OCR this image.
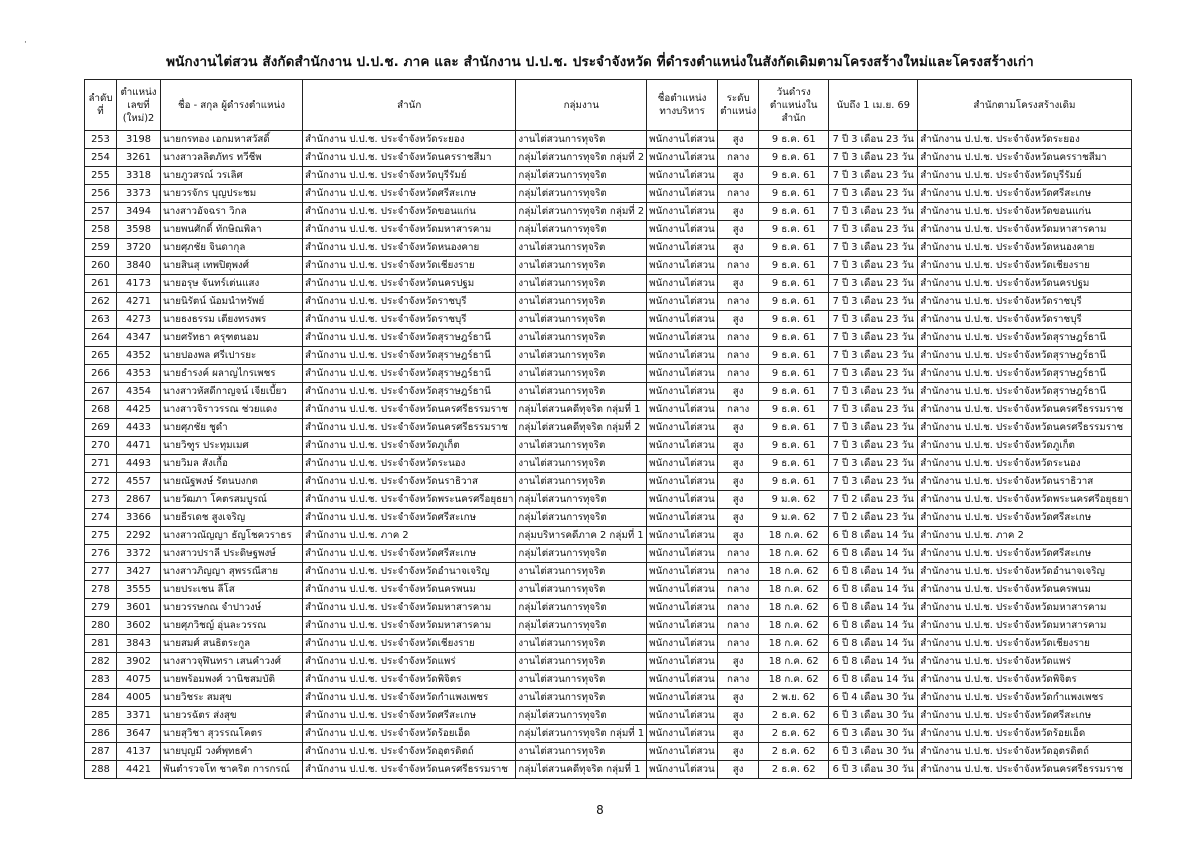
·
พนักงานไต่สวน สังกัดสำนักงาน ป.ป.ช. ภาค และ สำนักงาน ป.ป.ช. ประจำจังหวัด ที่ดำรงตำแหน่งในสังกัดเดิมตามโครงสร้างใหม่และโครงสร้างเก่า
ลำดับที่	ตำแหน่ง เลขที่ (ใหม่)2	ชื่อ - สกุล ผู้ดำรงตำแหน่ง	สำนัก	กลุ่มงาน	ชื่อตำแหน่ง ทางบริหาร	ระดับ ตำแหน่ง	วันดำรง ตำแหน่งใน สำนัก	นับถึง 1 เม.ย. 69	สำนักตามโครงสร้างเดิม
253	3198	นายกรทอง เอกมหาสวัสดิ์	สำนักงาน ป.ป.ช. ประจำจังหวัดระยอง	งานไต่สวนการทุจริต	พนักงานไต่สวน	สูง	9 ธ.ค. 61	7 ปี 3 เดือน 23 วัน	สำนักงาน ป.ป.ช. ประจำจังหวัดระยอง
254	3261	นางสาวลลิตภัทร ทวีชีพ	สำนักงาน ป.ป.ช. ประจำจังหวัดนครราชสีมา	กลุ่มไต่สวนการทุจริต กลุ่มที่ 2	พนักงานไต่สวน	กลาง	9 ธ.ค. 61	7 ปี 3 เดือน 23 วัน	สำนักงาน ป.ป.ช. ประจำจังหวัดนครราชสีมา
255	3318	นายภูวสรณ์ วรเลิศ	สำนักงาน ป.ป.ช. ประจำจังหวัดบุรีรัมย์	กลุ่มไต่สวนการทุจริต	พนักงานไต่สวน	สูง	9 ธ.ค. 61	7 ปี 3 เดือน 23 วัน	สำนักงาน ป.ป.ช. ประจำจังหวัดบุรีรัมย์
256	3373	นายวรจักร บุญประชม	สำนักงาน ป.ป.ช. ประจำจังหวัดศรีสะเกษ	กลุ่มไต่สวนการทุจริต	พนักงานไต่สวน	กลาง	9 ธ.ค. 61	7 ปี 3 เดือน 23 วัน	สำนักงาน ป.ป.ช. ประจำจังหวัดศรีสะเกษ
257	3494	นางสาวอัจฉรา วิกล	สำนักงาน ป.ป.ช. ประจำจังหวัดขอนแก่น	กลุ่มไต่สวนการทุจริต กลุ่มที่ 2	พนักงานไต่สวน	สูง	9 ธ.ค. 61	7 ปี 3 เดือน 23 วัน	สำนักงาน ป.ป.ช. ประจำจังหวัดขอนแก่น
258	3598	นายพนศักดิ์ ทักษิณพิลา	สำนักงาน ป.ป.ช. ประจำจังหวัดมหาสารคาม	กลุ่มไต่สวนการทุจริต	พนักงานไต่สวน	สูง	9 ธ.ค. 61	7 ปี 3 เดือน 23 วัน	สำนักงาน ป.ป.ช. ประจำจังหวัดมหาสารคาม
259	3720	นายศุภชัย จินดากุล	สำนักงาน ป.ป.ช. ประจำจังหวัดหนองคาย	งานไต่สวนการทุจริต	พนักงานไต่สวน	สูง	9 ธ.ค. 61	7 ปี 3 เดือน 23 วัน	สำนักงาน ป.ป.ช. ประจำจังหวัดหนองคาย
260	3840	นายสินสุ เทพปิตุพงศ์	สำนักงาน ป.ป.ช. ประจำจังหวัดเชียงราย	งานไต่สวนการทุจริต	พนักงานไต่สวน	กลาง	9 ธ.ค. 61	7 ปี 3 เดือน 23 วัน	สำนักงาน ป.ป.ช. ประจำจังหวัดเชียงราย
261	4173	นายอรุษ จันทร์เต่นแสง	สำนักงาน ป.ป.ช. ประจำจังหวัดนครปฐม	งานไต่สวนการทุจริต	พนักงานไต่สวน	สูง	9 ธ.ค. 61	7 ปี 3 เดือน 23 วัน	สำนักงาน ป.ป.ช. ประจำจังหวัดนครปฐม
262	4271	นายนิรัตน์ น้อมนำทรัพย์	สำนักงาน ป.ป.ช. ประจำจังหวัดราชบุรี	งานไต่สวนการทุจริต	พนักงานไต่สวน	กลาง	9 ธ.ค. 61	7 ปี 3 เดือน 23 วัน	สำนักงาน ป.ป.ช. ประจำจังหวัดราชบุรี
263	4273	นายธงธรรม เตียงทรงพร	สำนักงาน ป.ป.ช. ประจำจังหวัดราชบุรี	งานไต่สวนการทุจริต	พนักงานไต่สวน	สูง	9 ธ.ค. 61	7 ปี 3 เดือน 23 วัน	สำนักงาน ป.ป.ช. ประจำจังหวัดราชบุรี
264	4347	นายศรัทธา ครุฑตนอม	สำนักงาน ป.ป.ช. ประจำจังหวัดสุราษฎร์ธานี	งานไต่สวนการทุจริต	พนักงานไต่สวน	กลาง	9 ธ.ค. 61	7 ปี 3 เดือน 23 วัน	สำนักงาน ป.ป.ช. ประจำจังหวัดสุราษฎร์ธานี
265	4352	นายปองพล ศรีเปารยะ	สำนักงาน ป.ป.ช. ประจำจังหวัดสุราษฎร์ธานี	งานไต่สวนการทุจริต	พนักงานไต่สวน	กลาง	9 ธ.ค. 61	7 ปี 3 เดือน 23 วัน	สำนักงาน ป.ป.ช. ประจำจังหวัดสุราษฎร์ธานี
266	4353	นายธำรงค์ ผลาญไกรเพชร	สำนักงาน ป.ป.ช. ประจำจังหวัดสุราษฎร์ธานี	งานไต่สวนการทุจริต	พนักงานไต่สวน	กลาง	9 ธ.ค. 61	7 ปี 3 เดือน 23 วัน	สำนักงาน ป.ป.ช. ประจำจังหวัดสุราษฎร์ธานี
267	4354	นางสาวหัสดีกาญจน์ เจียเบี้ยว	สำนักงาน ป.ป.ช. ประจำจังหวัดสุราษฎร์ธานี	งานไต่สวนการทุจริต	พนักงานไต่สวน	สูง	9 ธ.ค. 61	7 ปี 3 เดือน 23 วัน	สำนักงาน ป.ป.ช. ประจำจังหวัดสุราษฎร์ธานี
268	4425	นางสาวจิราวรรณ ช่วยแดง	สำนักงาน ป.ป.ช. ประจำจังหวัดนครศรีธรรมราช	กลุ่มไต่สวนคดีทุจริต กลุ่มที่ 1	พนักงานไต่สวน	กลาง	9 ธ.ค. 61	7 ปี 3 เดือน 23 วัน	สำนักงาน ป.ป.ช. ประจำจังหวัดนครศรีธรรมราช
269	4433	นายศุภชัย ชูดำ	สำนักงาน ป.ป.ช. ประจำจังหวัดนครศรีธรรมราช	กลุ่มไต่สวนคดีทุจริต กลุ่มที่ 2	พนักงานไต่สวน	สูง	9 ธ.ค. 61	7 ปี 3 เดือน 23 วัน	สำนักงาน ป.ป.ช. ประจำจังหวัดนครศรีธรรมราช
270	4471	นายวิฑูร ประทุมเมศ	สำนักงาน ป.ป.ช. ประจำจังหวัดภูเก็ต	งานไต่สวนการทุจริต	พนักงานไต่สวน	สูง	9 ธ.ค. 61	7 ปี 3 เดือน 23 วัน	สำนักงาน ป.ป.ช. ประจำจังหวัดภูเก็ต
271	4493	นายวิมล สังเกื้อ	สำนักงาน ป.ป.ช. ประจำจังหวัดระนอง	งานไต่สวนการทุจริต	พนักงานไต่สวน	สูง	9 ธ.ค. 61	7 ปี 3 เดือน 23 วัน	สำนักงาน ป.ป.ช. ประจำจังหวัดระนอง
272	4557	นายณัฐพงษ์ รัตนบงกต	สำนักงาน ป.ป.ช. ประจำจังหวัดนราธิวาส	งานไต่สวนการทุจริต	พนักงานไต่สวน	สูง	9 ธ.ค. 61	7 ปี 3 เดือน 23 วัน	สำนักงาน ป.ป.ช. ประจำจังหวัดนราธิวาส
273	2867	นายวัฒภา โคตรสมบูรณ์	สำนักงาน ป.ป.ช. ประจำจังหวัดพระนครศรีอยุธยา	กลุ่มไต่สวนการทุจริต	พนักงานไต่สวน	สูง	9 ม.ค. 62	7 ปี 2 เดือน 23 วัน	สำนักงาน ป.ป.ช. ประจำจังหวัดพระนครศรีอยุธยา
274	3366	นายธีรเดช สูงเจริญ	สำนักงาน ป.ป.ช. ประจำจังหวัดศรีสะเกษ	กลุ่มไต่สวนการทุจริต	พนักงานไต่สวน	สูง	9 ม.ค. 62	7 ปี 2 เดือน 23 วัน	สำนักงาน ป.ป.ช. ประจำจังหวัดศรีสะเกษ
275	2292	นางสาวณัญญา ธัญโชควราธร	สำนักงาน ป.ป.ช. ภาค 2	กลุ่มบริหารคดีภาค 2 กลุ่มที่ 1	พนักงานไต่สวน	สูง	18 ก.ค. 62	6 ปี 8 เดือน 14 วัน	สำนักงาน ป.ป.ช. ภาค 2
276	3372	นางสาวปราลี ประดิษฐพงษ์	สำนักงาน ป.ป.ช. ประจำจังหวัดศรีสะเกษ	กลุ่มไต่สวนการทุจริต	พนักงานไต่สวน	กลาง	18 ก.ค. 62	6 ปี 8 เดือน 14 วัน	สำนักงาน ป.ป.ช. ประจำจังหวัดศรีสะเกษ
277	3427	นางสาวภิญญา สุพรรณีสาย	สำนักงาน ป.ป.ช. ประจำจังหวัดอำนาจเจริญ	งานไต่สวนการทุจริต	พนักงานไต่สวน	กลาง	18 ก.ค. 62	6 ปี 8 เดือน 14 วัน	สำนักงาน ป.ป.ช. ประจำจังหวัดอำนาจเจริญ
278	3555	นายประเชน ลีโส	สำนักงาน ป.ป.ช. ประจำจังหวัดนครพนม	งานไต่สวนการทุจริต	พนักงานไต่สวน	กลาง	18 ก.ค. 62	6 ปี 8 เดือน 14 วัน	สำนักงาน ป.ป.ช. ประจำจังหวัดนครพนม
279	3601	นายวรรษกณ จำปาวงษ์	สำนักงาน ป.ป.ช. ประจำจังหวัดมหาสารคาม	กลุ่มไต่สวนการทุจริต	พนักงานไต่สวน	กลาง	18 ก.ค. 62	6 ปี 8 เดือน 14 วัน	สำนักงาน ป.ป.ช. ประจำจังหวัดมหาสารคาม
280	3602	นายศุภวิชญ์ อุ่นละวรรณ	สำนักงาน ป.ป.ช. ประจำจังหวัดมหาสารคาม	กลุ่มไต่สวนการทุจริต	พนักงานไต่สวน	กลาง	18 ก.ค. 62	6 ปี 8 เดือน 14 วัน	สำนักงาน ป.ป.ช. ประจำจังหวัดมหาสารคาม
281	3843	นายสมศ์ สนธิตระกูล	สำนักงาน ป.ป.ช. ประจำจังหวัดเชียงราย	งานไต่สวนการทุจริต	พนักงานไต่สวน	กลาง	18 ก.ค. 62	6 ปี 8 เดือน 14 วัน	สำนักงาน ป.ป.ช. ประจำจังหวัดเชียงราย
282	3902	นางสาวจุฬินทรา เสนคำวงศ์	สำนักงาน ป.ป.ช. ประจำจังหวัดแพร่	งานไต่สวนการทุจริต	พนักงานไต่สวน	สูง	18 ก.ค. 62	6 ปี 8 เดือน 14 วัน	สำนักงาน ป.ป.ช. ประจำจังหวัดแพร่
283	4075	นายพร้อมพงศ์ วานิชสมบัติ	สำนักงาน ป.ป.ช. ประจำจังหวัดพิจิตร	งานไต่สวนการทุจริต	พนักงานไต่สวน	กลาง	18 ก.ค. 62	6 ปี 8 เดือน 14 วัน	สำนักงาน ป.ป.ช. ประจำจังหวัดพิจิตร
284	4005	นายวิชระ สมสุข	สำนักงาน ป.ป.ช. ประจำจังหวัดกำแพงเพชร	งานไต่สวนการทุจริต	พนักงานไต่สวน	สูง	2 พ.ย. 62	6 ปี 4 เดือน 30 วัน	สำนักงาน ป.ป.ช. ประจำจังหวัดกำแพงเพชร
285	3371	นายวรฉัตร ส่งสุข	สำนักงาน ป.ป.ช. ประจำจังหวัดศรีสะเกษ	กลุ่มไต่สวนการทุจริต	พนักงานไต่สวน	สูง	2 ธ.ค. 62	6 ปี 3 เดือน 30 วัน	สำนักงาน ป.ป.ช. ประจำจังหวัดศรีสะเกษ
286	3647	นายสุวิชา สุวรรณโคตร	สำนักงาน ป.ป.ช. ประจำจังหวัดร้อยเอ็ด	กลุ่มไต่สวนการทุจริต กลุ่มที่ 1	พนักงานไต่สวน	สูง	2 ธ.ค. 62	6 ปี 3 เดือน 30 วัน	สำนักงาน ป.ป.ช. ประจำจังหวัดร้อยเอ็ด
287	4137	นายบุญมี วงศ์พุทธคำ	สำนักงาน ป.ป.ช. ประจำจังหวัดอุตรดิตถ์	งานไต่สวนการทุจริต	พนักงานไต่สวน	สูง	2 ธ.ค. 62	6 ปี 3 เดือน 30 วัน	สำนักงาน ป.ป.ช. ประจำจังหวัดอุตรดิตถ์
288	4421	พันตำรวจโท ชาคริต การกรณ์	สำนักงาน ป.ป.ช. ประจำจังหวัดนครศรีธรรมราช	กลุ่มไต่สวนคดีทุจริต กลุ่มที่ 1	พนักงานไต่สวน	สูง	2 ธ.ค. 62	6 ปี 3 เดือน 30 วัน	สำนักงาน ป.ป.ช. ประจำจังหวัดนครศรีธรรมราช
8
